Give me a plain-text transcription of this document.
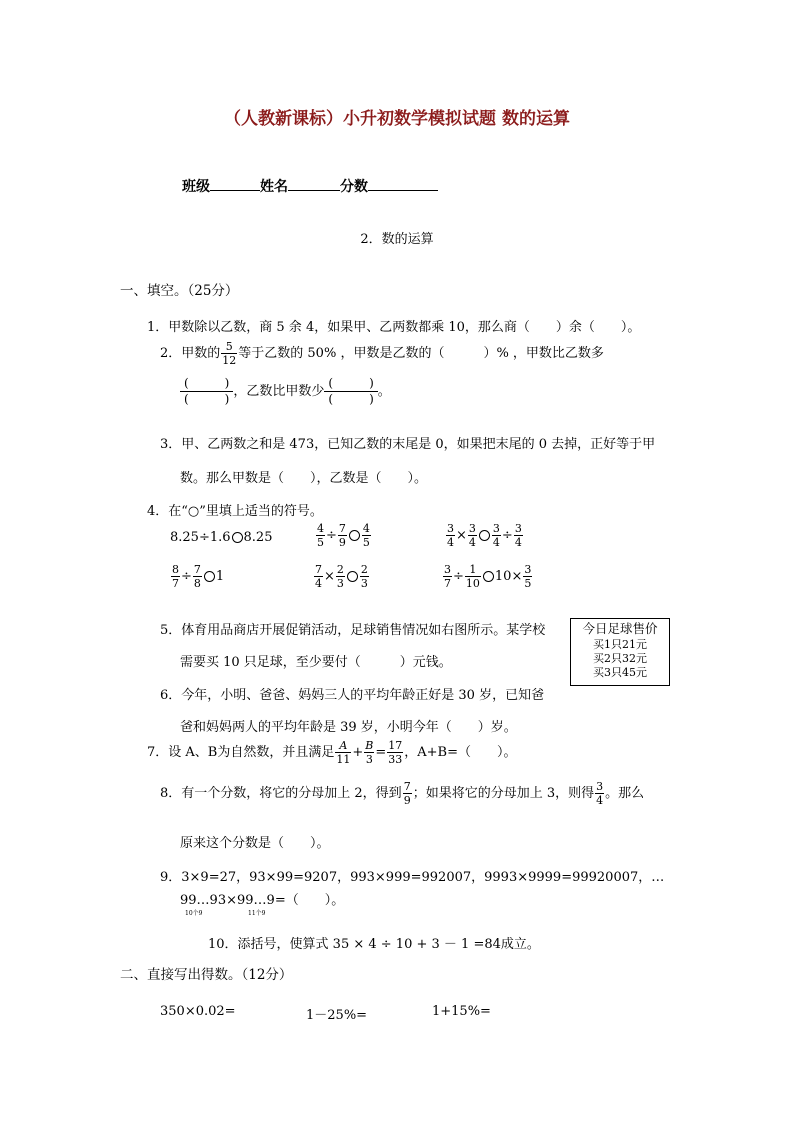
（人教新课标）小升初数学模拟试题 数的运算
班级	姓名	分数
2．数的运算
一、填空。（25分）
1．甲数除以乙数，商 5 余 4，如果甲、乙两数都乘 10，那么商（　　）余（　　）。
2．甲数的 $\frac{5}{12}$ 等于乙数的 50% ，甲数是乙数的（　　　）% ，甲数比乙数多
$\frac{( )}{( )}$，乙数比甲数少 $\frac{( )}{( )}$。
3．甲、乙两数之和是 473，已知乙数的末尾是 0，如果把末尾的 0 去掉，正好等于甲
数。那么甲数是（　　），乙数是（　　）。
4．在“○”里填上适当的符号。
8.25÷1.6 8.25	$\frac{4}{5} \div \frac{7}{9} \frac{4}{5}$	$\frac{3}{4} \times \frac{3}{4} \frac{3}{4} \div \frac{3}{4}$
$\frac{8}{7} \div \frac{7}{8} 1$	$\frac{7}{4} \times \frac{2}{3} \frac{2}{3}$	$\frac{3}{7} \div \frac{1}{10} 10\times \frac{3}{5}$
5．体育用品商店开展促销活动，足球销售情况如右图所示。某学校
需要买 10 只足球，至少要付（　　　）元钱。
今日足球售价
买1只21元
买2只32元
买3只45元
6．今年，小明、爸爸、妈妈三人的平均年龄正好是 30 岁，已知爸
爸和妈妈两人的平均年龄是 39 岁，小明今年（　　）岁。
7．设 A、B为自然数，并且满足 $\frac{A}{11} + \frac{B}{3} = \frac{17}{33}$ ，A+B=（　　）。
8．有一个分数，将它的分母加上 2，得到 $\frac{7}{9}$ ；如果将它的分母加上 3，则得 $\frac{3}{4}$ 。那么
原来这个分数是（　　）。
9．3×9=27，93×99=9207，993×999=992007，9993×9999=99920007，…
99…93×99…9=（　　）。
10个9	11个9
10．添括号，使算式 35 × 4 ÷ 10 + 3 － 1 =84成立。
二、直接写出得数。（12分）
350×0.02=	1－25%=	1+15%=
